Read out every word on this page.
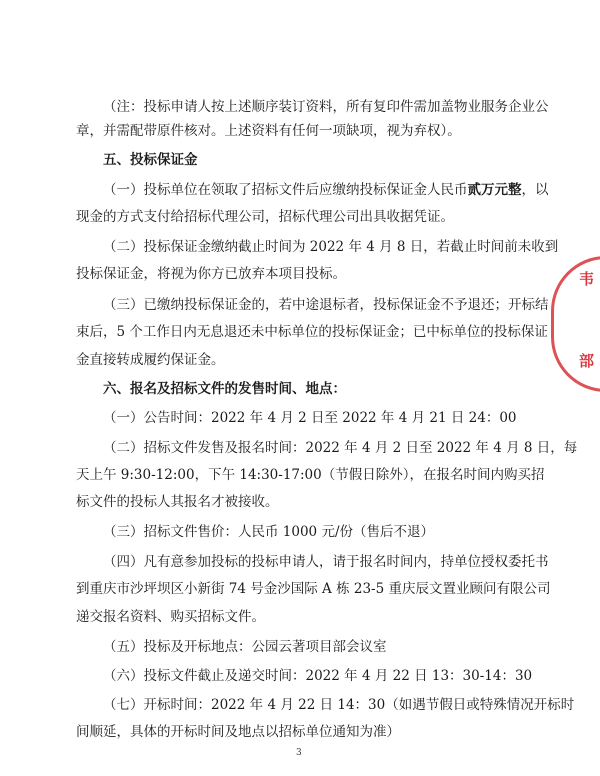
（注：投标申请人按上述顺序装订资料，所有复印件需加盖物业服务企业公
章，并需配带原件核对。上述资料有任何一项缺项，视为弃权）。
五、投标保证金
（一）投标单位在领取了招标文件后应缴纳投标保证金人民币贰万元整，以
现金的方式支付给招标代理公司，招标代理公司出具收据凭证。
（二）投标保证金缴纳截止时间为 2022 年 4 月 8 日，若截止时间前未收到
投标保证金，将视为你方已放弃本项目投标。
（三）已缴纳投标保证金的，若中途退标者，投标保证金不予退还；开标结
束后，5 个工作日内无息退还未中标单位的投标保证金；已中标单位的投标保证
金直接转成履约保证金。
六、报名及招标文件的发售时间、地点：
（一）公告时间：2022 年 4 月 2 日至 2022 年 4 月 21 日 24：00
（二）招标文件发售及报名时间：2022 年 4 月 2 日至 2022 年 4 月 8 日，每
天上午 9:30-12:00，下午 14:30-17:00（节假日除外），在报名时间内购买招
标文件的投标人其报名才被接收。
（三）招标文件售价：人民币 1000 元/份（售后不退）
（四）凡有意参加投标的投标申请人，请于报名时间内，持单位授权委托书
到重庆市沙坪坝区小新街 74 号金沙国际 A 栋 23-5 重庆辰文置业顾问有限公司
递交报名资料、购买招标文件。
（五）投标及开标地点：公园云著项目部会议室
（六）投标文件截止及递交时间：2022 年 4 月 22 日 13：30-14：30
（七）开标时间：2022 年 4 月 22 日 14：30（如遇节假日或特殊情况开标时
间顺延，具体的开标时间及地点以招标单位通知为准）
3
韦
部
